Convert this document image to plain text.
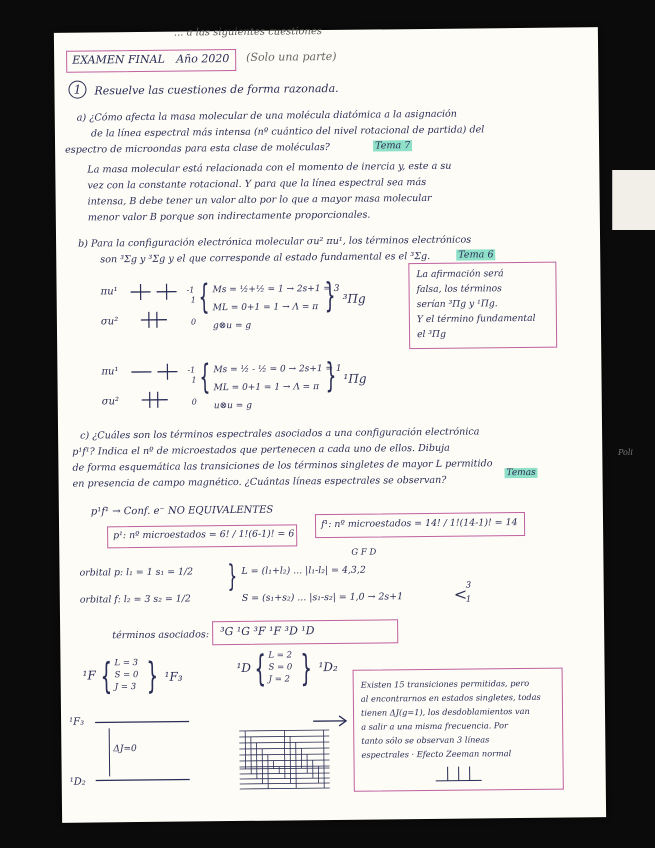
... a las siguientes cuestiones
EXAMEN FINAL Año 2020 (Solo una parte)
1	Resuelve las cuestiones de forma razonada.
a) ¿Cómo afecta la masa molecular de una molécula diatómica a la asignación
de la línea espectral más intensa (nº cuántico del nivel rotacional de partida) del
espectro de microondas para esta clase de moléculas?	Tema 7
La masa molecular está relacionada con el momento de inercia y, este a su
vez con la constante rotacional. Y para que la línea espectral sea más
intensa, B debe tener un valor alto por lo que a mayor masa molecular
menor valor B porque son indirectamente proporcionales.
b) Para la configuración electrónica molecular σu² πu¹, los términos electrónicos
son ³Σg y ³Σg y el que corresponde al estado fundamental es el ³Σg.	Tema 6
πu¹
σu²
-1
1
0
{ Ms = ½+½ = 1 → 2s+1 = 3
ML = 0+1 = 1 → Λ = π
g⊗u = g
} ³Πg
πu¹
σu²
-1
1
0
{ Ms = ½ - ½ = 0 → 2s+1 = 1
ML = 0+1 = 1 → Λ = π
u⊗u = g
} ¹Πg
La afirmación será
falsa, los términos
serían ³Πg y ¹Πg.
Y el término fundamental
el ³Πg
c) ¿Cuáles son los términos espectrales asociados a una configuración electrónica
p¹f¹? Indica el nº de microestados que pertenecen a cada uno de ellos. Dibuja
de forma esquemática las transiciones de los términos singletes de mayor L permitido
en presencia de campo magnético. ¿Cuántas líneas espectrales se observan?
Temas
p¹f¹ → Conf. e⁻ NO EQUIVALENTES
p¹: nº microestados = 6! / 1!(6-1)! = 6
f¹: nº microestados = 14! / 1!(14-1)! = 14
G F D
orbital p: l₁ = 1 s₁ = 1/2
orbital f: l₂ = 3 s₂ = 1/2
} L = (l₁+l₂) ... |l₁-l₂| = 4,3,2
S = (s₁+s₂) ... |s₁-s₂| = 1,0 → 2s+1	<
3
1
términos asociados: ³G ¹G ³F ¹F ³D ¹D
¹F { L = 3
S = 0
J = 3 } ¹F₃
¹D { L = 2
S = 0
J = 2 } ¹D₂
¹F₃
¹D₂
ΔJ=0
Existen 15 transiciones permitidas, pero
al encontrarnos en estados singletes, todas
tienen ΔJ(g=1), los desdoblamientos van
a salir a una misma frecuencia. Por
tanto sólo se observan 3 líneas
espectrales · Efecto Zeeman normal
Poli
